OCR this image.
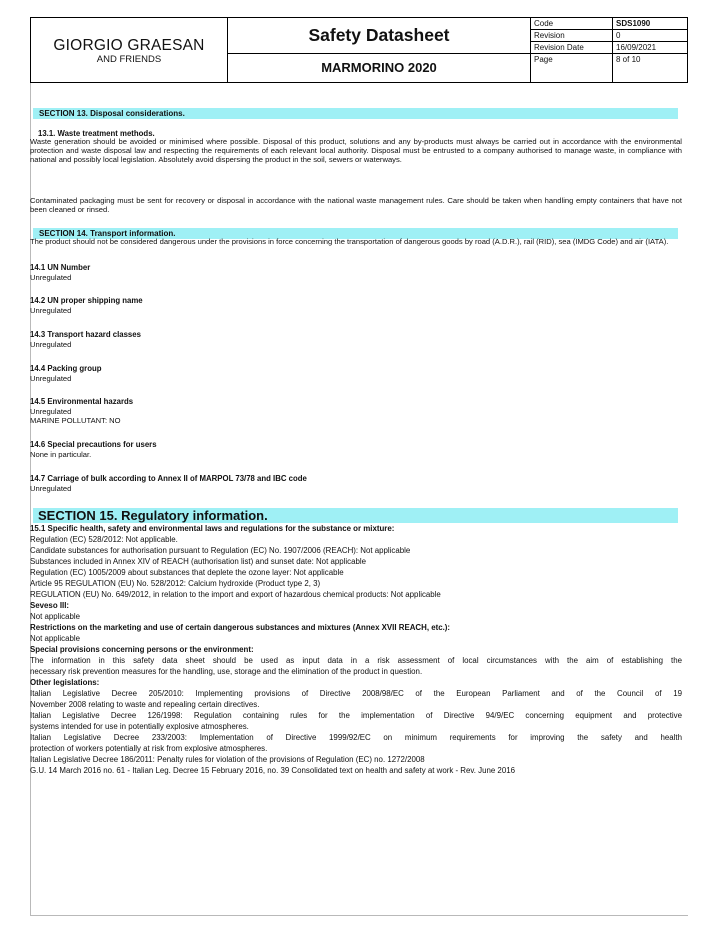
GIORGIO GRAESAN
AND FRIENDS	Safety Datasheet	Code	SDS1090
		Revision	0
		Revision Date	16/09/2021
	MARMORINO 2020	Page	8 of 10
SECTION 13. Disposal considerations.
13.1. Waste treatment methods.
Waste generation should be avoided or minimised where possible. Disposal of this product, solutions and any by-products must always be carried out in accordance with the environmental protection and waste disposal law and respecting the requirements of each relevant local authority. Disposal must be entrusted to a company authorised to manage waste, in compliance with national and possibly local legislation. Absolutely avoid dispersing the product in the soil, sewers or waterways.
Contaminated packaging must be sent for recovery or disposal in accordance with the national waste management rules. Care should be taken when handling empty containers that have not been cleaned or rinsed.
SECTION 14. Transport information.
The product should not be considered dangerous under the provisions in force concerning the transportation of dangerous goods by road (A.D.R.), rail (RID), sea (IMDG Code) and air (IATA).
14.1 UN Number
Unregulated
14.2 UN proper shipping name
Unregulated
14.3 Transport hazard classes
Unregulated
14.4 Packing group
Unregulated
14.5 Environmental hazards
Unregulated
MARINE POLLUTANT: NO
14.6 Special precautions for users
None in particular.
14.7 Carriage of bulk according to Annex II of MARPOL 73/78 and IBC code
Unregulated
SECTION 15. Regulatory information.
15.1 Specific health, safety and environmental laws and regulations for the substance or mixture:
Regulation (EC) 528/2012: Not applicable.
Candidate substances for authorisation pursuant to Regulation (EC) No. 1907/2006 (REACH): Not applicable
Substances included in Annex XIV of REACH (authorisation list) and sunset date: Not applicable
Regulation (EC) 1005/2009 about substances that deplete the ozone layer: Not applicable
Article 95 REGULATION (EU) No. 528/2012: Calcium hydroxide (Product type 2, 3)
REGULATION (EU) No. 649/2012, in relation to the import and export of hazardous chemical products: Not applicable
Seveso III:
Not applicable
Restrictions on the marketing and use of certain dangerous substances and mixtures (Annex XVII REACH, etc.):
Not applicable
Special provisions concerning persons or the environment:
The information in this safety data sheet should be used as input data in a risk assessment of local circumstances with the aim of establishing the
necessary risk prevention measures for the handling, use, storage and the elimination of the product in question.
Other legislations:
Italian Legislative Decree 205/2010: Implementing provisions of Directive 2008/98/EC of the European Parliament and of the Council of 19
November 2008 relating to waste and repealing certain directives.
Italian Legislative Decree 126/1998: Regulation containing rules for the implementation of Directive 94/9/EC concerning equipment and protective
systems intended for use in potentially explosive atmospheres.
Italian Legislative Decree 233/2003: Implementation of Directive 1999/92/EC on minimum requirements for improving the safety and health
protection of workers potentially at risk from explosive atmospheres.
Italian Legislative Decree 186/2011: Penalty rules for violation of the provisions of Regulation (EC) no. 1272/2008
G.U. 14 March 2016 no. 61 - Italian Leg. Decree 15 February 2016, no. 39 Consolidated text on health and safety at work - Rev. June 2016
